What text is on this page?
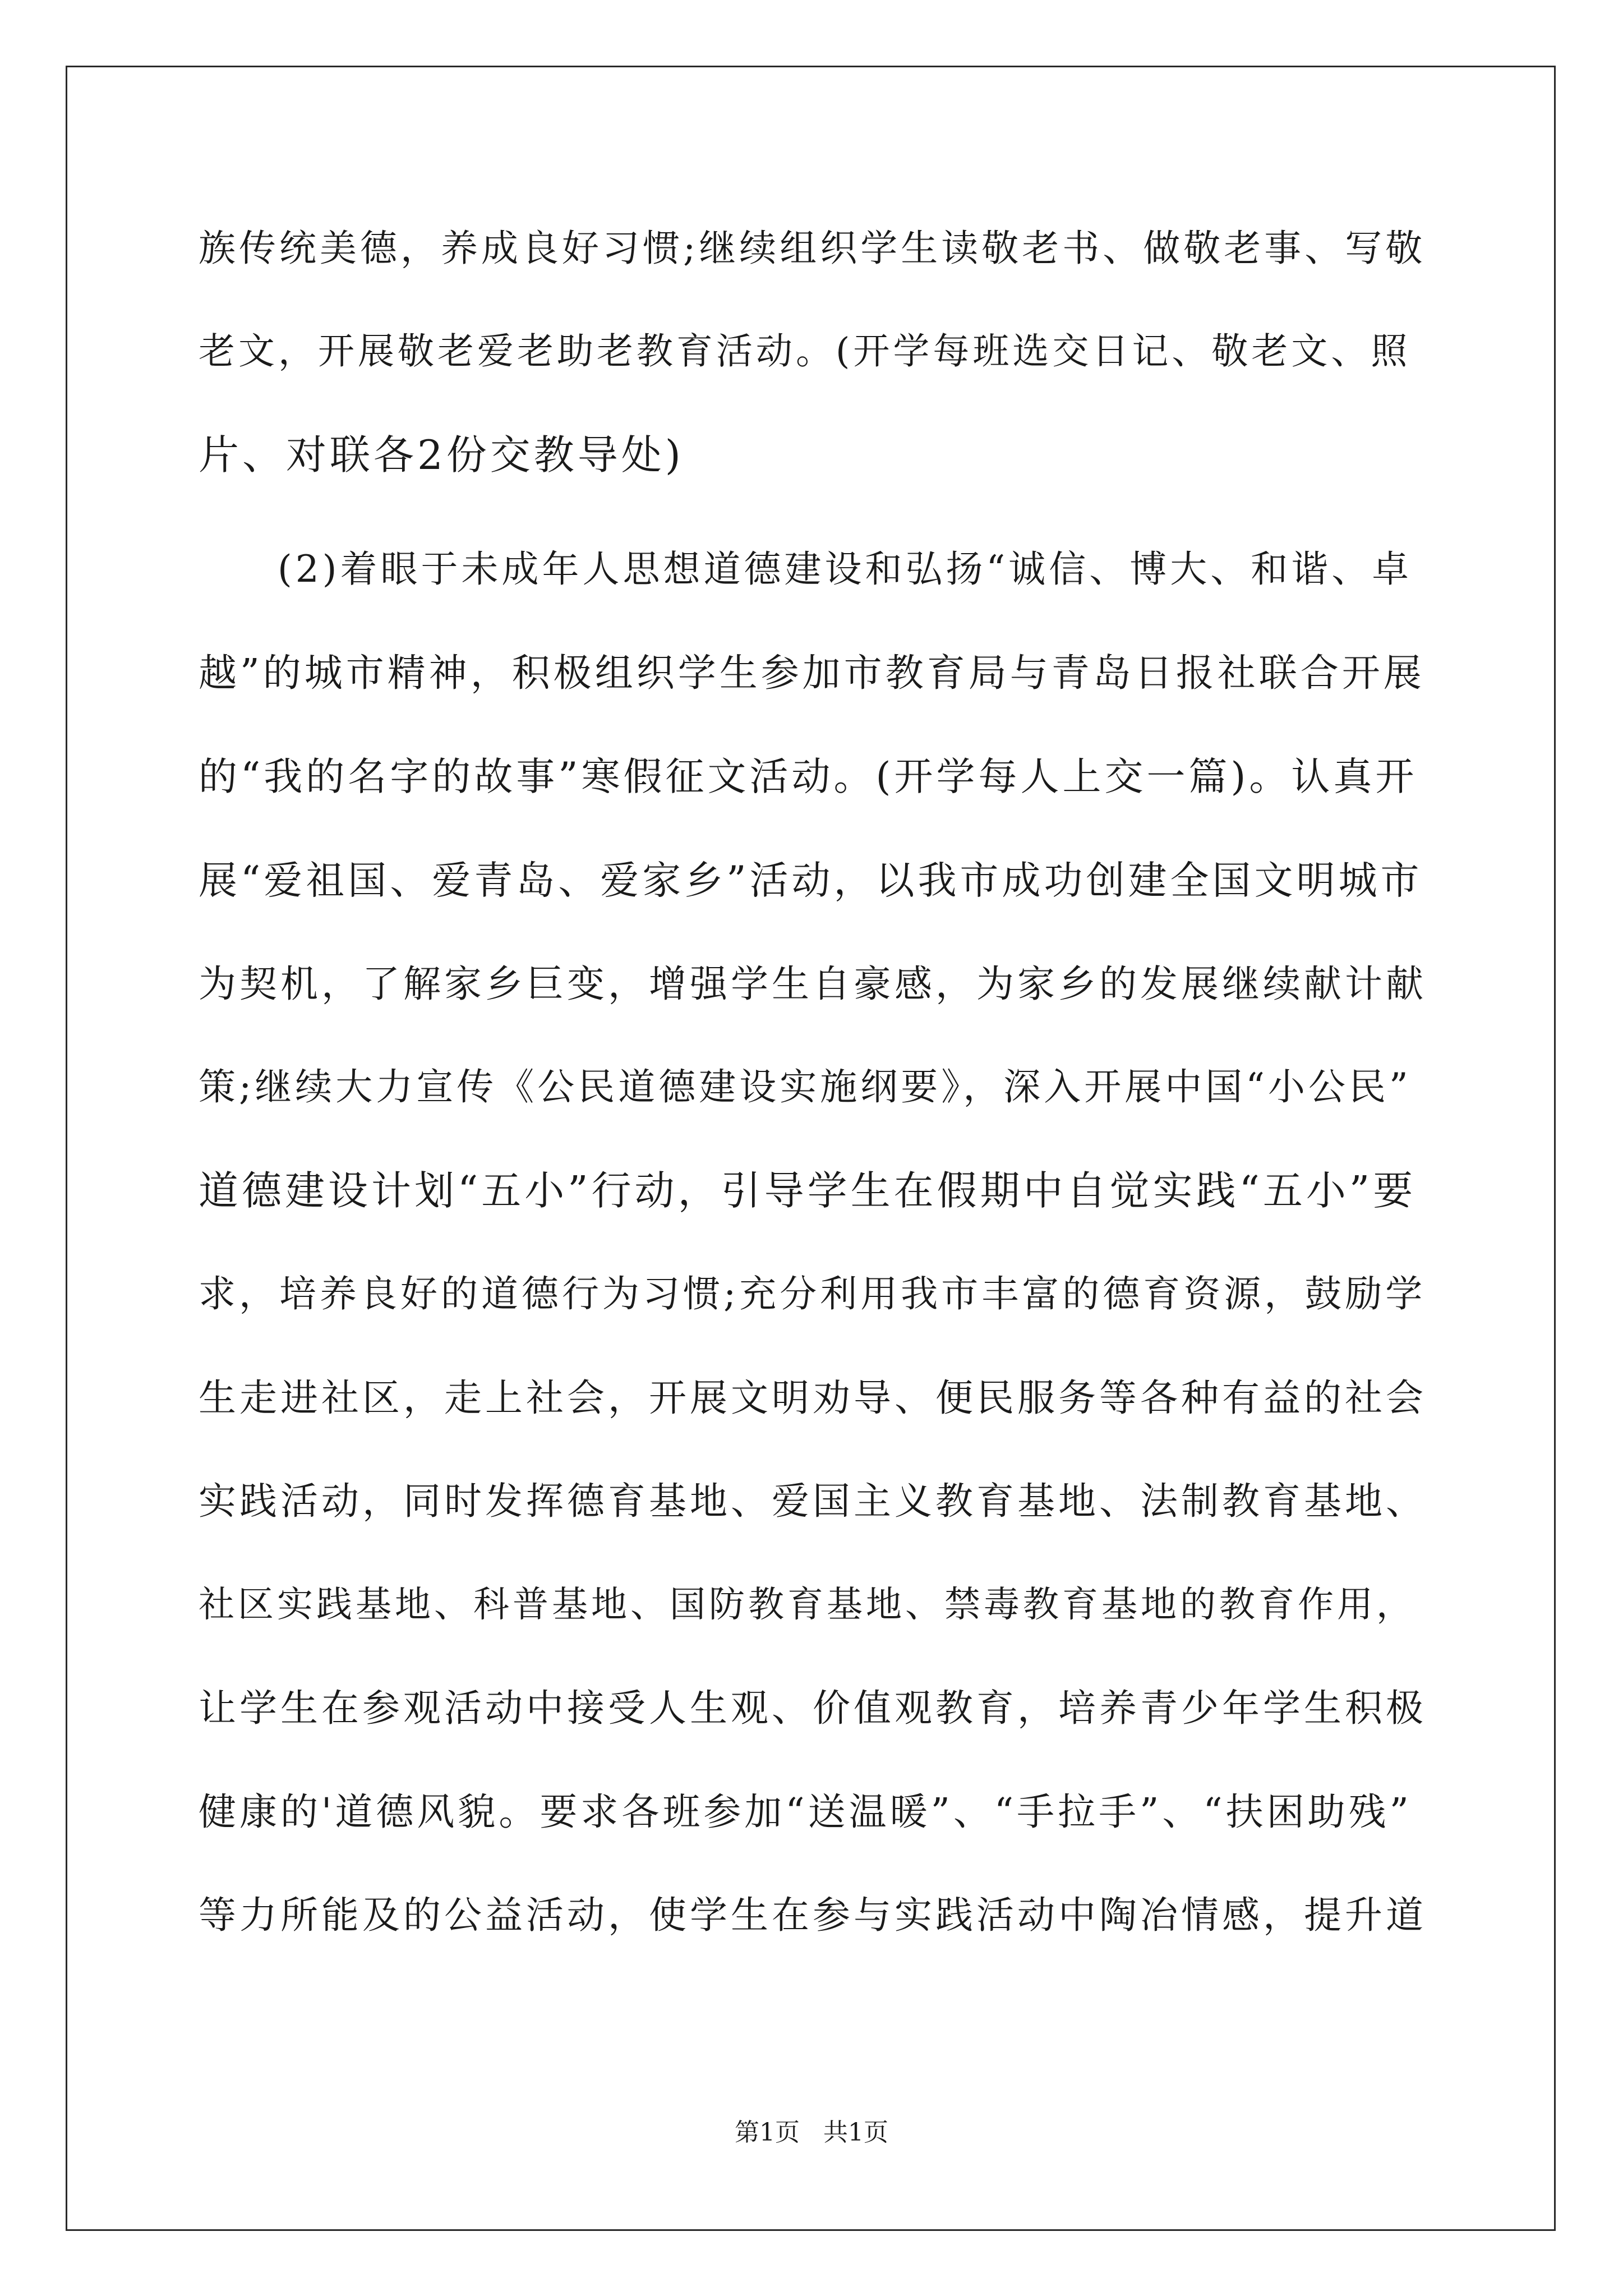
族传统美德，养成良好习惯;继续组织学生读敬老书、做敬老事、写敬
老文，开展敬老爱老助老教育活动。(开学每班选交日记、敬老文、照
片、对联各2份交教导处)
(2)着眼于未成年人思想道德建设和弘扬“诚信、博大、和谐、卓
越”的城市精神，积极组织学生参加市教育局与青岛日报社联合开展
的“我的名字的故事”寒假征文活动。(开学每人上交一篇)。认真开
展“爱祖国、爱青岛、爱家乡”活动，以我市成功创建全国文明城市
为契机，了解家乡巨变，增强学生自豪感，为家乡的发展继续献计献
策;继续大力宣传《公民道德建设实施纲要》，深入开展中国“小公民”
道德建设计划“五小”行动，引导学生在假期中自觉实践“五小”要
求，培养良好的道德行为习惯;充分利用我市丰富的德育资源，鼓励学
生走进社区，走上社会，开展文明劝导、便民服务等各种有益的社会
实践活动，同时发挥德育基地、爱国主义教育基地、法制教育基地、
社区实践基地、科普基地、国防教育基地、禁毒教育基地的教育作用，
让学生在参观活动中接受人生观、价值观教育，培养青少年学生积极
健康的'道德风貌。要求各班参加“送温暖”、“手拉手”、“扶困助残”
等力所能及的公益活动，使学生在参与实践活动中陶冶情感，提升道
第1页   共1页
